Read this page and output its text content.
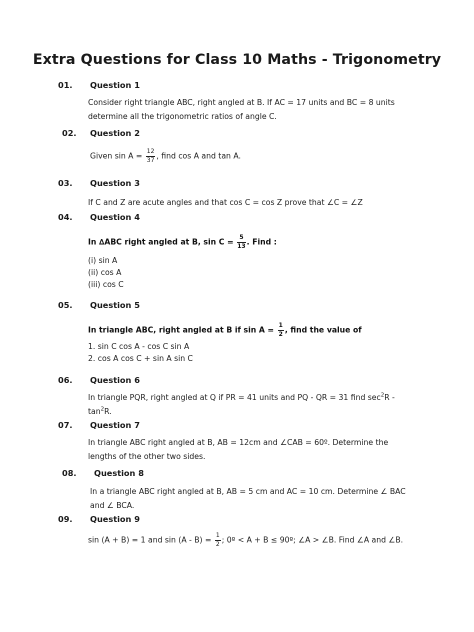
Extra Questions for Class 10 Maths - Trigonometry
01. Question 1
Consider right triangle ABC, right angled at B. If AC = 17 units and BC = 8 units
determine all the trigonometric ratios of angle C.
02. Question 2
Given $\sin A = \frac{12}{37}$ , find cos A and tan A.
03. Question 3
If C and Z are acute angles and that cos C = cos Z prove that ∠C = ∠Z
04. Question 4
In ∆ABC right angled at B, $\sin C = \frac{5}{13}$ . Find :
(i) sin A
(ii) cos A
(iii) cos C
05. Question 5
In triangle ABC, right angled at B if $\sin A = \frac{1}{2}$ , find the value of
1. sin C cos A - cos C sin A
2. cos A cos C + sin A sin C
06. Question 6
In triangle PQR, right angled at Q if PR = 41 units and PQ - QR = 31 find $\sec^2R$ -
$\tan^2R$.
07. Question 7
In triangle ABC right angled at B, AB = 12cm and ∠CAB = 60º. Determine the
lengths of the other two sides.
08. Question 8
In a triangle ABC right angled at B, AB = 5 cm and AC = 10 cm. Determine ∠ BAC
and ∠ BCA.
09. Question 9
sin (A + B) = 1 and $\sin (A - B) = \frac{1}{2}$ ; 0º < A + B ≤ 90º; ∠A > ∠B. Find ∠A and ∠B.
